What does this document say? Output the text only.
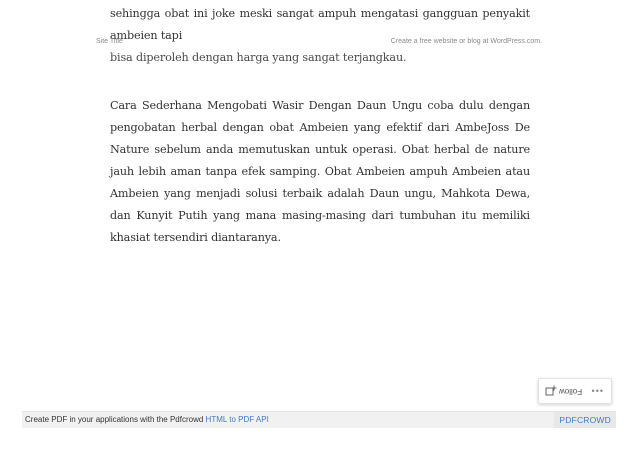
Site Title	Create a free website or blog at WordPress.com.

sehingga obat ini joke meski sangat ampuh mengatasi gangguan penyakit ambeien tapi
bisa diperoleh dengan harga yang sangat terjangkau.

Cara Sederhana Mengobati Wasir Dengan Daun Ungu coba dulu dengan pengobatan herbal dengan obat Ambeien yang efektif dari AmbeJoss De Nature sebelum anda memutuskan untuk operasi. Obat herbal de nature jauh lebih aman tanpa efek samping. Obat Ambeien ampuh Ambeien atau Ambeien yang menjadi solusi terbaik adalah Daun ungu, Mahkota Dewa, dan Kunyit Putih yang mana masing-masing dari tumbuhan itu memiliki khasiat tersendiri diantaranya.

Follow •••
Create PDF in your applications with the Pdfcrowd HTML to PDF API	PDFCROWD
